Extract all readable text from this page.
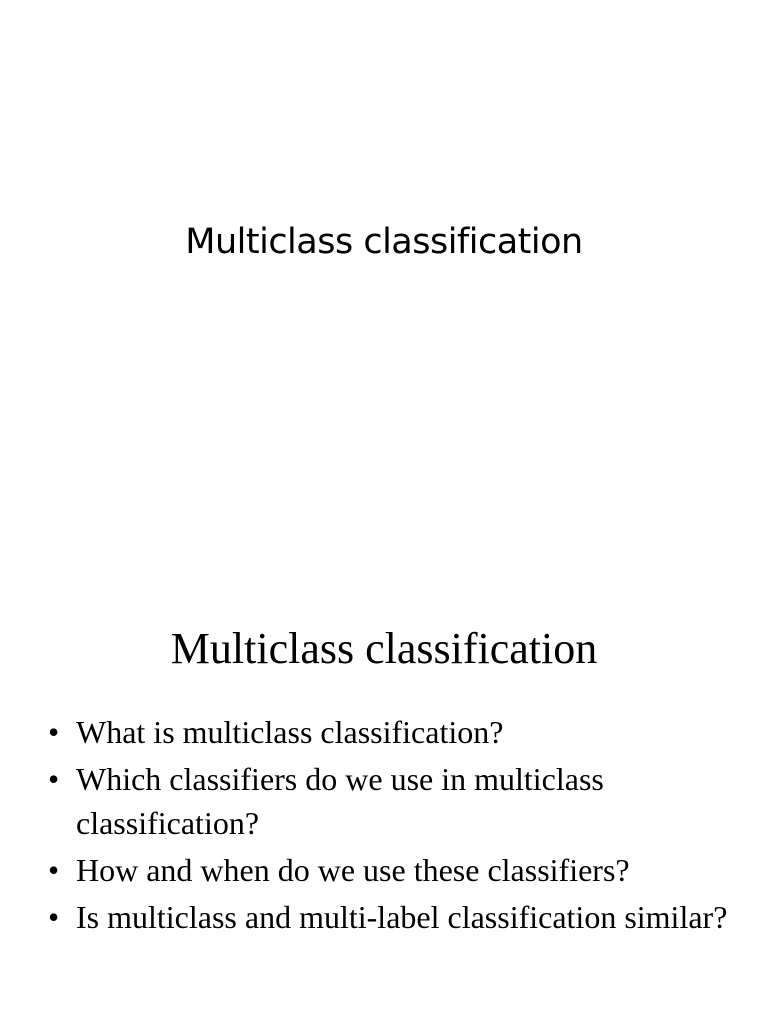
Multiclass classification
Multiclass classification
• What is multiclass classification?
• Which classifiers do we use in multiclass classification?
• How and when do we use these classifiers?
• Is multiclass and multi-label classification similar?
